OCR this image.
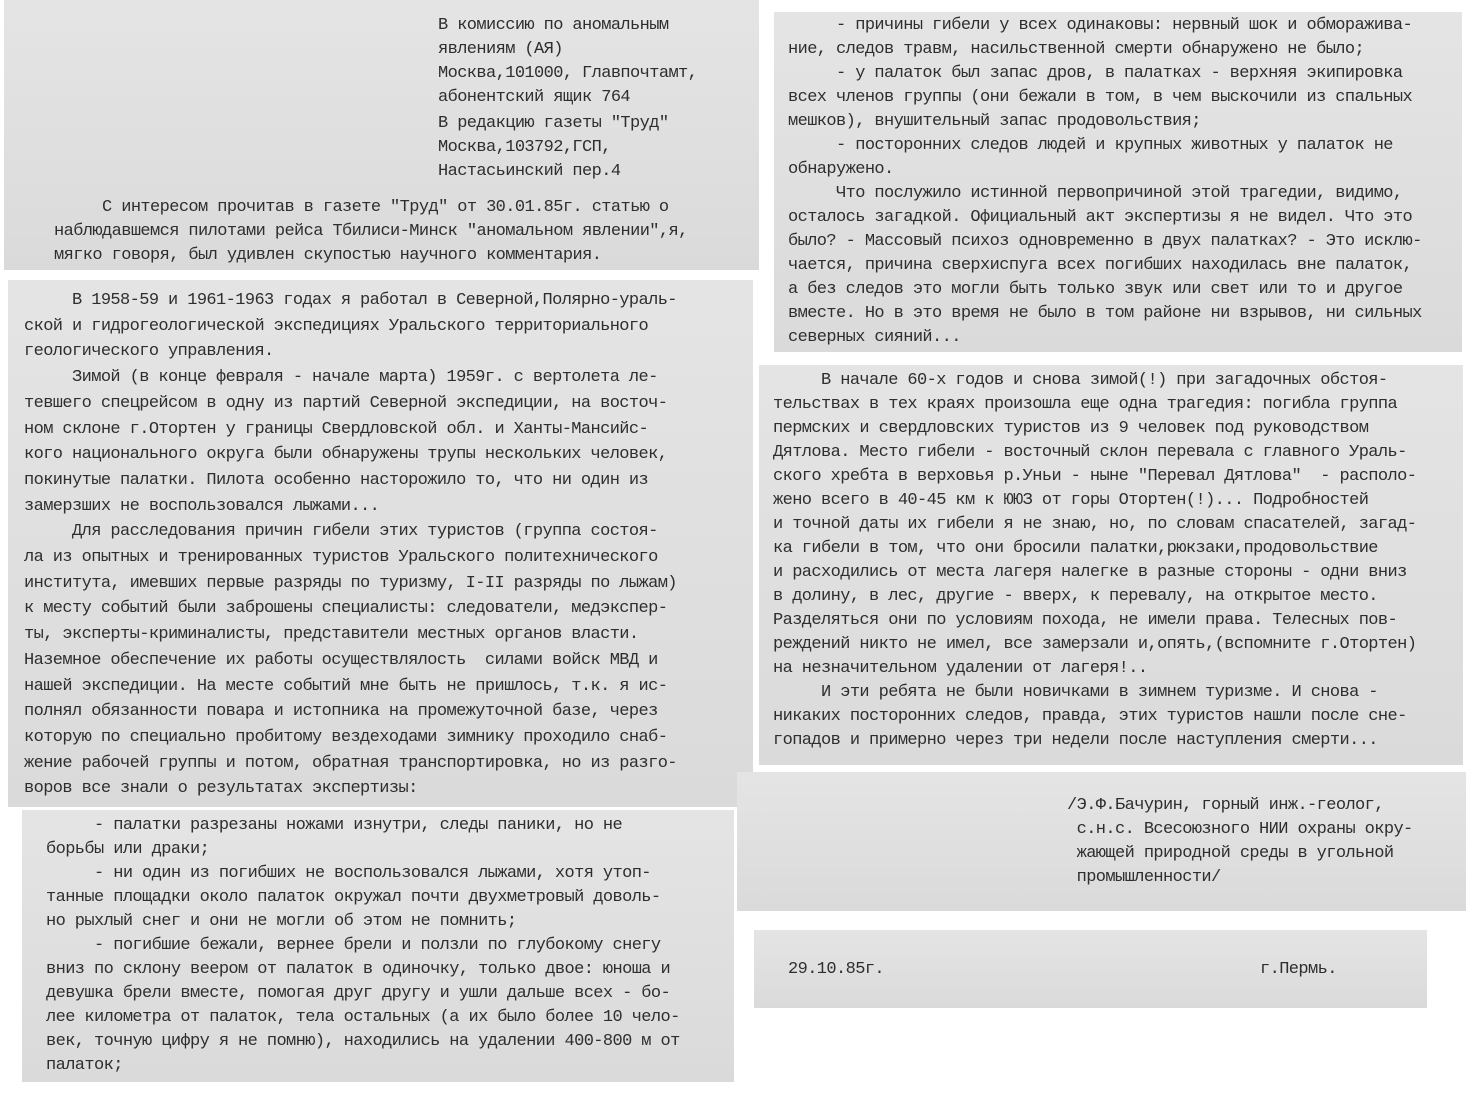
В комиссию по аномальным

явлениям (АЯ)

Москва,101000, Главпочтамт,

абонентский ящик 764

В редакцию газеты "Труд"

Москва,103792,ГСП,

Настасьинский пер.4

С интересом прочитав в газете "Труд" от 30.01.85г. статью о

наблюдавшемся пилотами рейса Тбилиси-Минск "аномальном явлении",я,

мягко говоря, был удивлен скупостью научного комментария.

В 1958-59 и 1961-1963 годах я работал в Северной,Полярно-ураль-

ской и гидрогеологической экспедициях Уральского территориального

геологического управления.

Зимой (в конце февраля - начале марта) 1959г. с вертолета ле-

тевшего спецрейсом в одну из партий Северной экспедиции, на восточ-

ном склоне г.Отортен у границы Свердловской обл. и Ханты-Мансийс-

кого национального округа были обнаружены трупы нескольких человек,

покинутые палатки. Пилота особенно насторожило то, что ни один из

замерзших не воспользовался лыжами...

Для расследования причин гибели этих туристов (группа состоя-

ла из опытных и тренированных туристов Уральского политехнического

института, имевших первые разряды по туризму, I-II разряды по лыжам)

к месту событий были заброшены специалисты: следователи, медэкспер-

ты, эксперты-криминалисты, представители местных органов власти.

Наземное обеспечение их работы осуществлялость  силами войск МВД и

нашей экспедиции. На месте событий мне быть не пришлось, т.к. я ис-

полнял обязанности повара и истопника на промежуточной базе, через

которую по специально пробитому вездеходами зимнику проходило снаб-

жение рабочей группы и потом, обратная транспортировка, но из разго-

воров все знали о результатах экспертизы:

- палатки разрезаны ножами изнутри, следы паники, но не

борьбы или драки;

- ни один из погибших не воспользовался лыжами, хотя утоп-

танные площадки около палаток окружал почти двухметровый доволь-

но рыхлый снег и они не могли об этом не помнить;

- погибшие бежали, вернее брели и ползли по глубокому снегу

вниз по склону веером от палаток в одиночку, только двое: юноша и

девушка брели вместе, помогая друг другу и ушли дальше всех - бо-

лее километра от палаток, тела остальных (а их было более 10 чело-

век, точную цифру я не помню), находились на удалении 400-800 м от

палаток;

- причины гибели у всех одинаковы: нервный шок и обморажива-

ние, следов травм, насильственной смерти обнаружено не было;

- у палаток был запас дров, в палатках - верхняя экипировка

всех членов группы (они бежали в том, в чем выскочили из спальных

мешков), внушительный запас продовольствия;

- посторонних следов людей и крупных животных у палаток не

обнаружено.

Что послужило истинной первопричиной этой трагедии, видимо,

осталось загадкой. Официальный акт экспертизы я не видел. Что это

было? - Массовый психоз одновременно в двух палатках? - Это исклю-

чается, причина сверхиспуга всех погибших находилась вне палаток,

а без следов это могли быть только звук или свет или то и другое

вместе. Но в это время не было в том районе ни взрывов, ни сильных

северных сияний...

В начале 60-х годов и снова зимой(!) при загадочных обстоя-

тельствах в тех краях произошла еще одна трагедия: погибла группа

пермских и свердловских туристов из 9 человек под руководством

Дятлова. Место гибели - восточный склон перевала с главного Ураль-

ского хребта в верховья р.Уньи - ныне "Перевал Дятлова"  - располо-

жено всего в 40-45 км к ЮЮЗ от горы Отортен(!)... Подробностей

и точной даты их гибели я не знаю, но, по словам спасателей, загад-

ка гибели в том, что они бросили палатки,рюкзаки,продовольствие

и расходились от места лагеря налегке в разные стороны - одни вниз

в долину, в лес, другие - вверх, к перевалу, на открытое место.

Разделяться они по условиям похода, не имели права. Телесных пов-

реждений никто не имел, все замерзали и,опять,(вспомните г.Отортен)

на незначительном удалении от лагеря!..

И эти ребята не были новичками в зимнем туризме. И снова -

никаких посторонних следов, правда, этих туристов нашли после сне-

гопадов и примерно через три недели после наступления смерти...

/Э.Ф.Бачурин, горный инж.-геолог,

с.н.с. Всесоюзного НИИ охраны окру-

жающей природной среды в угольной

промышленности/

29.10.85г.	г.Пермь.
